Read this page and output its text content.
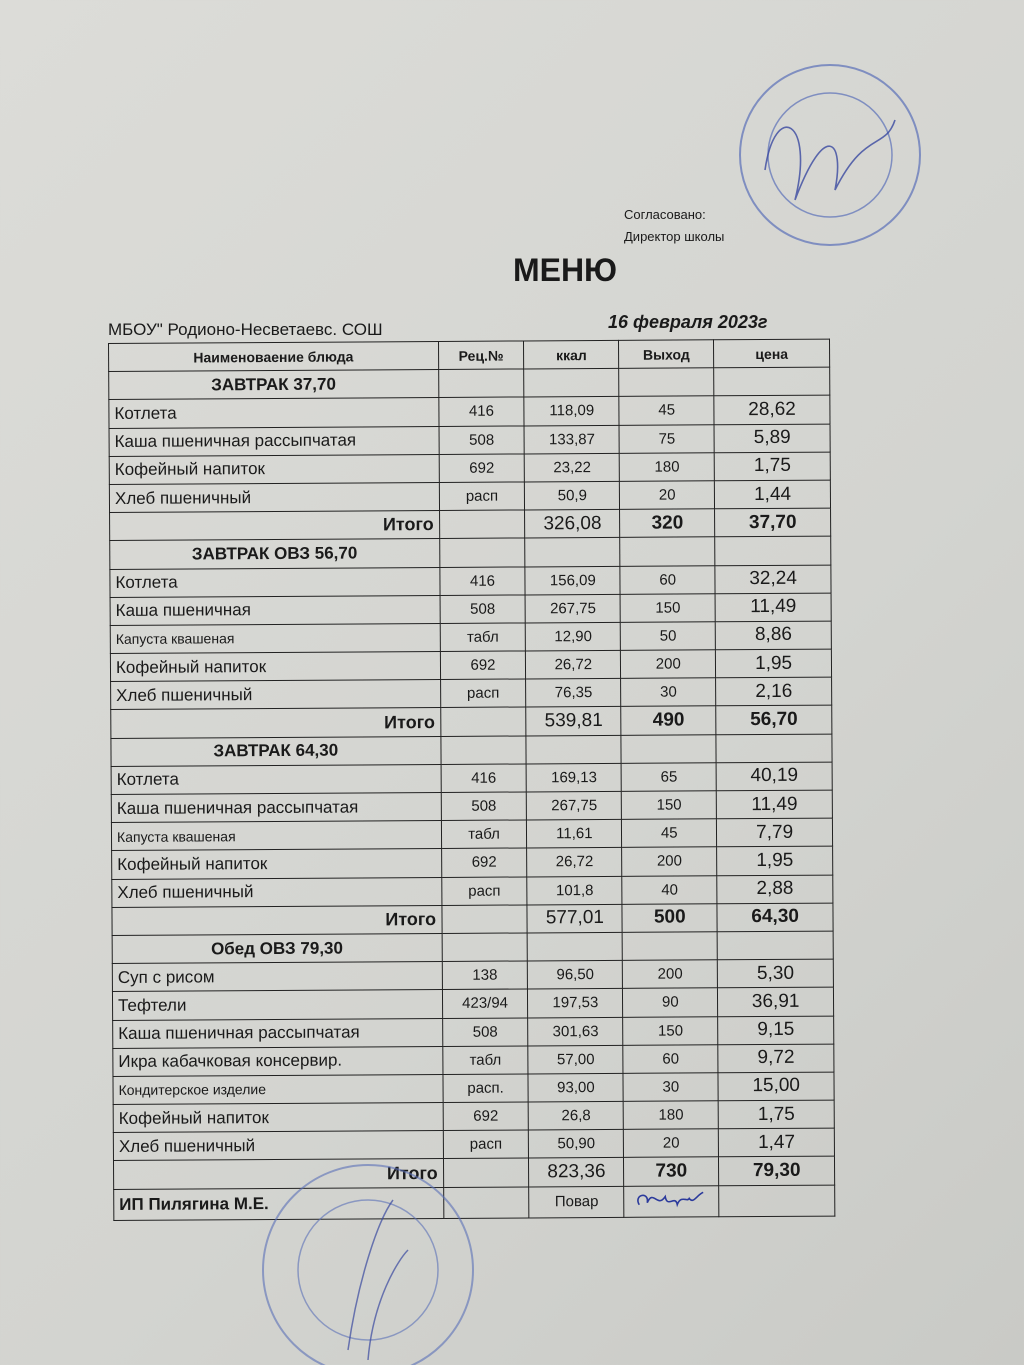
Согласовано:
Директор школы
МЕНЮ
МБОУ" Родионо-Несветаевс. СОШ	16 февраля 2023г
Наименоваение блюда	Рец.№	ккал	Выход	цена
ЗАВТРАК 37,70				
Котлета	416	118,09	45	28,62
Каша пшеничная рассыпчатая	508	133,87	75	5,89
Кофейный напиток	692	23,22	180	1,75
Хлеб пшеничный	расп	50,9	20	1,44
Итого		326,08	320	37,70
ЗАВТРАК ОВЗ 56,70				
Котлета	416	156,09	60	32,24
Каша пшеничная	508	267,75	150	11,49
Капуста квашеная	табл	12,90	50	8,86
Кофейный напиток	692	26,72	200	1,95
Хлеб пшеничный	расп	76,35	30	2,16
Итого		539,81	490	56,70
ЗАВТРАК 64,30				
Котлета	416	169,13	65	40,19
Каша пшеничная рассыпчатая	508	267,75	150	11,49
Капуста квашеная	табл	11,61	45	7,79
Кофейный напиток	692	26,72	200	1,95
Хлеб пшеничный	расп	101,8	40	2,88
Итого		577,01	500	64,30
Обед ОВЗ 79,30				
Суп с рисом	138	96,50	200	5,30
Тефтели	423/94	197,53	90	36,91
Каша пшеничная рассыпчатая	508	301,63	150	9,15
Икра кабачковая консервир.	табл	57,00	60	9,72
Кондитерское изделие	расп.	93,00	30	15,00
Кофейный напиток	692	26,8	180	1,75
Хлеб пшеничный	расп	50,90	20	1,47
Итого		823,36	730	79,30
ИП Пилягина М.Е.		Повар		
